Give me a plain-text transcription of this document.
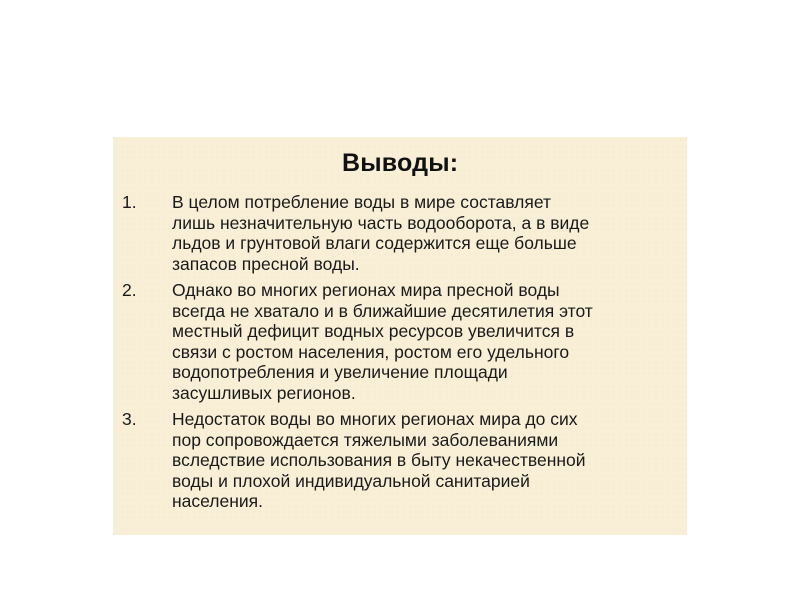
Выводы:
1. В целом потребление воды в мире составляет
лишь незначительную часть водооборота, а в виде
льдов и грунтовой влаги содержится еще больше
запасов пресной воды.
2. Однако во многих регионах мира пресной воды
всегда не хватало и в ближайшие десятилетия этот
местный дефицит водных ресурсов увеличится в
связи с ростом населения, ростом его удельного
водопотребления и увеличение площади
засушливых регионов.
3. Недостаток воды во многих регионах мира до сих
пор сопровождается тяжелыми заболеваниями
вследствие использования в быту некачественной
воды и плохой индивидуальной санитарией
населения.
